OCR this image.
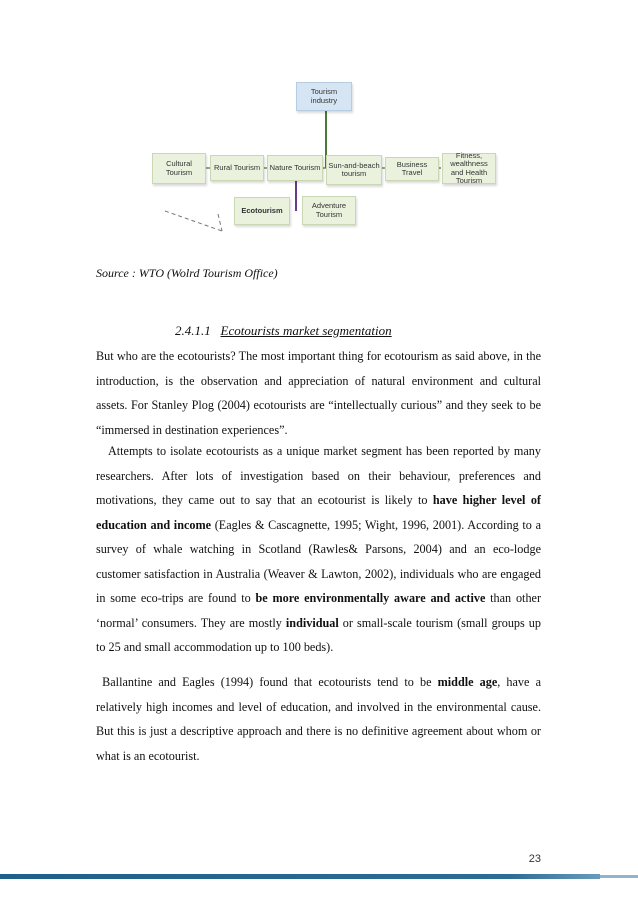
Tourism industry
Cultural Tourism
Rural Tourism Nature Tourism Sun-and-beach tourism
Business Travel
Fitness, wealthness and Health Tourism
Ecotourism
Adventure Tourism
Source : WTO (Wolrd Tourism Office)
2.4.1.1 Ecotourists market segmentation

But who are the ecotourists? The most important thing for ecotourism as said above, in the introduction, is the observation and appreciation of natural environment and cultural assets. For Stanley Plog (2004) ecotourists are “intellectually curious” and they seek to be “immersed in destination experiences”.

Attempts to isolate ecotourists as a unique market segment has been reported by many researchers. After lots of investigation based on their behaviour, preferences and motivations, they came out to say that an ecotourist is likely to have higher level of education and income (Eagles & Cascagnette, 1995; Wight, 1996, 2001). According to a survey of whale watching in Scotland (Rawles& Parsons, 2004) and an eco-lodge customer satisfaction in Australia (Weaver & Lawton, 2002), individuals who are engaged in some eco-trips are found to be more environmentally aware and active than other ‘normal’ consumers. They are mostly individual or small-scale tourism (small groups up to 25 and small accommodation up to 100 beds).

Ballantine and Eagles (1994) found that ecotourists tend to be middle age, have a relatively high incomes and level of education, and involved in the environmental cause. But this is just a descriptive approach and there is no definitive agreement about whom or what is an ecotourist.

23
